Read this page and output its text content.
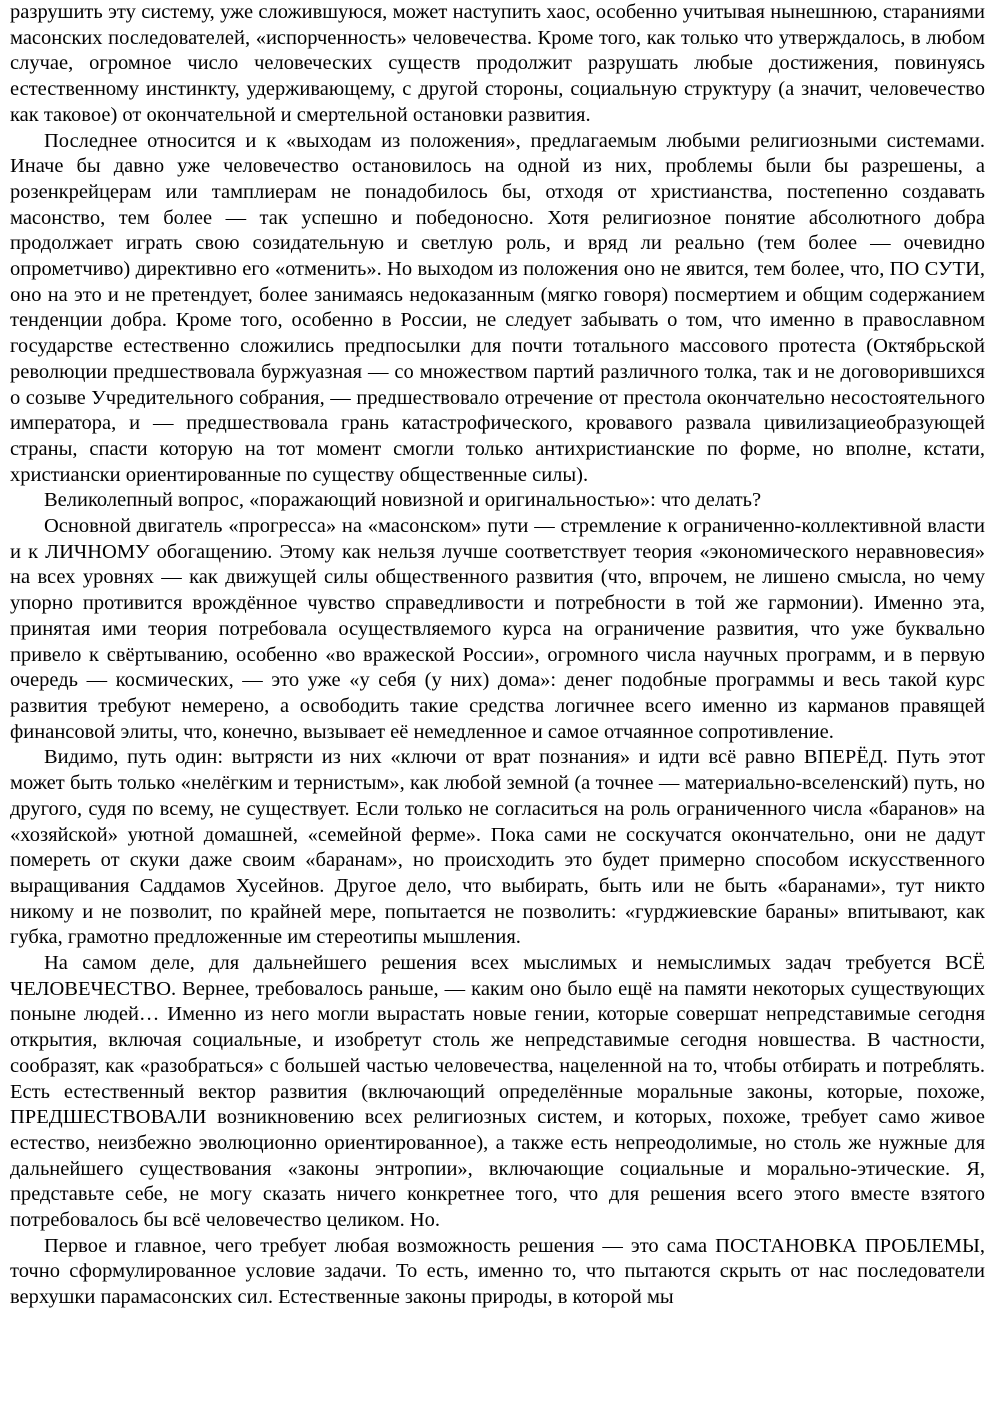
разрушить эту систему, уже сложившуюся, может наступить хаос, особенно учитывая нынешнюю, стараниями масонских последователей, «испорченность» человечества. Кроме того, как только что утверждалось, в любом случае, огромное число человеческих существ продолжит разрушать любые достижения, повинуясь естественному инстинкту, удерживающему, с другой стороны, социальную структуру (а значит, человечество как таковое) от окончательной и смертельной остановки развития.

Последнее относится и к «выходам из положения», предлагаемым любыми религиозными системами. Иначе бы давно уже человечество остановилось на одной из них, проблемы были бы разрешены, а розенкрейцерам или тамплиерам не понадобилось бы, отходя от христианства, постепенно создавать масонство, тем более — так успешно и победоносно. Хотя религиозное понятие абсолютного добра продолжает играть свою созидательную и светлую роль, и вряд ли реально (тем более — очевидно опрометчиво) директивно его «отменить». Но выходом из положения оно не явится, тем более, что, ПО СУТИ, оно на это и не претендует, более занимаясь недоказанным (мягко говоря) посмертием и общим содержанием тенденции добра. Кроме того, особенно в России, не следует забывать о том, что именно в православном государстве естественно сложились предпосылки для почти тотального массового протеста (Октябрьской революции предшествовала буржуазная — со множеством партий различного толка, так и не договорившихся о созыве Учредительного собрания, — предшествовало отречение от престола окончательно несостоятельного императора, и — предшествовала грань катастрофического, кровавого развала цивилизациеобразующей страны, спасти которую на тот момент смогли только антихристианские по форме, но вполне, кстати, христиански ориентированные по существу общественные силы).

Великолепный вопрос, «поражающий новизной и оригинальностью»: что делать?

Основной двигатель «прогресса» на «масонском» пути — стремление к ограниченно-коллективной власти и к ЛИЧНОМУ обогащению. Этому как нельзя лучше соответствует теория «экономического неравновесия» на всех уровнях — как движущей силы общественного развития (что, впрочем, не лишено смысла, но чему упорно противится врождённое чувство справедливости и потребности в той же гармонии). Именно эта, принятая ими теория потребовала осуществляемого курса на ограничение развития, что уже буквально привело к свёртыванию, особенно «во вражеской России», огромного числа научных программ, и в первую очередь — космических, — это уже «у себя (у них) дома»: денег подобные программы и весь такой курс развития требуют немерено, а освободить такие средства логичнее всего именно из карманов правящей финансовой элиты, что, конечно, вызывает её немедленное и самое отчаянное сопротивление.

Видимо, путь один: вытрясти из них «ключи от врат познания» и идти всё равно ВПЕРЁД. Путь этот может быть только «нелёгким и тернистым», как любой земной (а точнее — материально-вселенский) путь, но другого, судя по всему, не существует. Если только не согласиться на роль ограниченного числа «баранов» на «хозяйской» уютной домашней, «семейной ферме». Пока сами не соскучатся окончательно, они не дадут помереть от скуки даже своим «баранам», но происходить это будет примерно способом искусственного выращивания Саддамов Хусейнов. Другое дело, что выбирать, быть или не быть «баранами», тут никто никому и не позволит, по крайней мере, попытается не позволить: «гурджиевские бараны» впитывают, как губка, грамотно предложенные им стереотипы мышления.

На самом деле, для дальнейшего решения всех мыслимых и немыслимых задач требуется ВСЁ ЧЕЛОВЕЧЕСТВО. Вернее, требовалось раньше, — каким оно было ещё на памяти некоторых существующих поныне людей… Именно из него могли вырастать новые гении, которые совершат непредставимые сегодня открытия, включая социальные, и изобретут столь же непредставимые сегодня новшества. В частности, сообразят, как «разобраться» с большей частью человечества, нацеленной на то, чтобы отбирать и потреблять. Есть естественный вектор развития (включающий определённые моральные законы, которые, похоже, ПРЕДШЕСТВОВАЛИ возникновению всех религиозных систем, и которых, похоже, требует само живое естество, неизбежно эволюционно ориентированное), а также есть непреодолимые, но столь же нужные для дальнейшего существования «законы энтропии», включающие социальные и морально-этические. Я, представьте себе, не могу сказать ничего конкретнее того, что для решения всего этого вместе взятого потребовалось бы всё человечество целиком. Но.

Первое и главное, чего требует любая возможность решения — это сама ПОСТАНОВКА ПРОБЛЕМЫ, точно сформулированное условие задачи. То есть, именно то, что пытаются скрыть от нас последователи верхушки парамасонских сил. Естественные законы природы, в которой мы
